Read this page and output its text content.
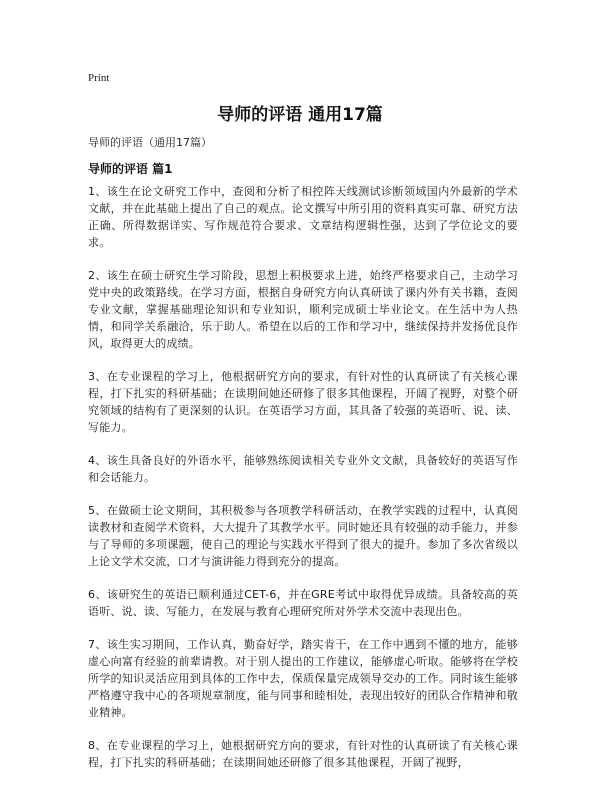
Print
导师的评语 通用17篇
导师的评语（通用17篇）
导师的评语 篇1

1、该生在论文研究工作中，查阅和分析了相控阵天线测试诊断领域国内外最新的学术文献，并在此基础上提出了自己的观点。论文撰写中所引用的资料真实可靠、研究方法正确、所得数据详实、写作规范符合要求、文章结构逻辑性强，达到了学位论文的要求。

2、该生在硕士研究生学习阶段，思想上积极要求上进，始终严格要求自己，主动学习党中央的政策路线。在学习方面，根据自身研究方向认真研读了课内外有关书籍，查阅专业文献，掌握基础理论知识和专业知识，顺利完成硕士毕业论文。在生活中为人热情，和同学关系融洽，乐于助人。希望在以后的工作和学习中，继续保持并发扬优良作风，取得更大的成绩。

3、在专业课程的学习上，他根据研究方向的要求，有针对性的认真研读了有关核心课程，打下扎实的科研基础；在读期间她还研修了很多其他课程，开阔了视野，对整个研究领域的结构有了更深刻的认识。在英语学习方面，其具备了较强的英语听、说、读、写能力。

4、该生具备良好的外语水平，能够熟练阅读相关专业外文文献，具备较好的英语写作和会话能力。

5、在做硕士论文期间，其积极参与各项教学科研活动，在教学实践的过程中，认真阅读教材和查阅学术资料，大大提升了其教学水平。同时她还具有较强的动手能力，并参与了导师的多项课题，使自己的理论与实践水平得到了很大的提升。参加了多次省级以上论文学术交流，口才与演讲能力得到充分的提高。

6、该研究生的英语已顺利通过CET-6，并在GRE考试中取得优异成绩。具备较高的英语听、说、读、写能力，在发展与教育心理研究所对外学术交流中表现出色。

7、该生实习期间，工作认真，勤奋好学，踏实肯干，在工作中遇到不懂的地方，能够虚心向富有经验的前辈请教。对于别人提出的工作建议，能够虚心听取。能够将在学校所学的知识灵活应用到具体的工作中去，保质保量完成领导交办的工作。同时该生能够严格遵守我中心的各项规章制度，能与同事和睦相处，表现出较好的团队合作精神和敬业精神。

8、在专业课程的学习上，她根据研究方向的要求，有针对性的认真研读了有关核心课程，打下扎实的科研基础；在读期间她还研修了很多其他课程，开阔了视野，
